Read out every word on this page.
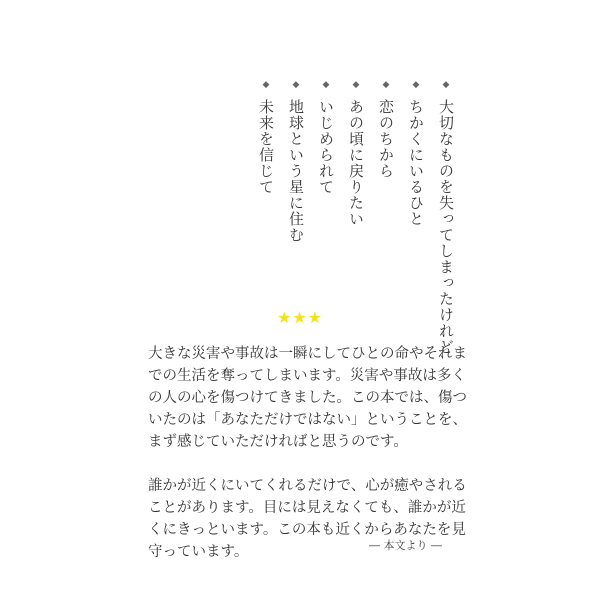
◆大切なものを失ってしまったけれど
◆ちかくにいるひと
◆恋のちから
◆あの頃に戻りたい
◆いじめられて
◆地球という星に住む
◆未来を信じて
★★★

大きな災害や事故は一瞬にしてひとの命やそれまでの生活を奪ってしまいます。災害や事故は多くの人の心を傷つけてきました。この本では、傷ついたのは「あなただけではない」ということを、まず感じていただければと思うのです。

誰かが近くにいてくれるだけで、心が癒やされることがあります。目には見えなくても、誰かが近くにきっといます。この本も近くからあなたを見守っています。	― 本文より ―
